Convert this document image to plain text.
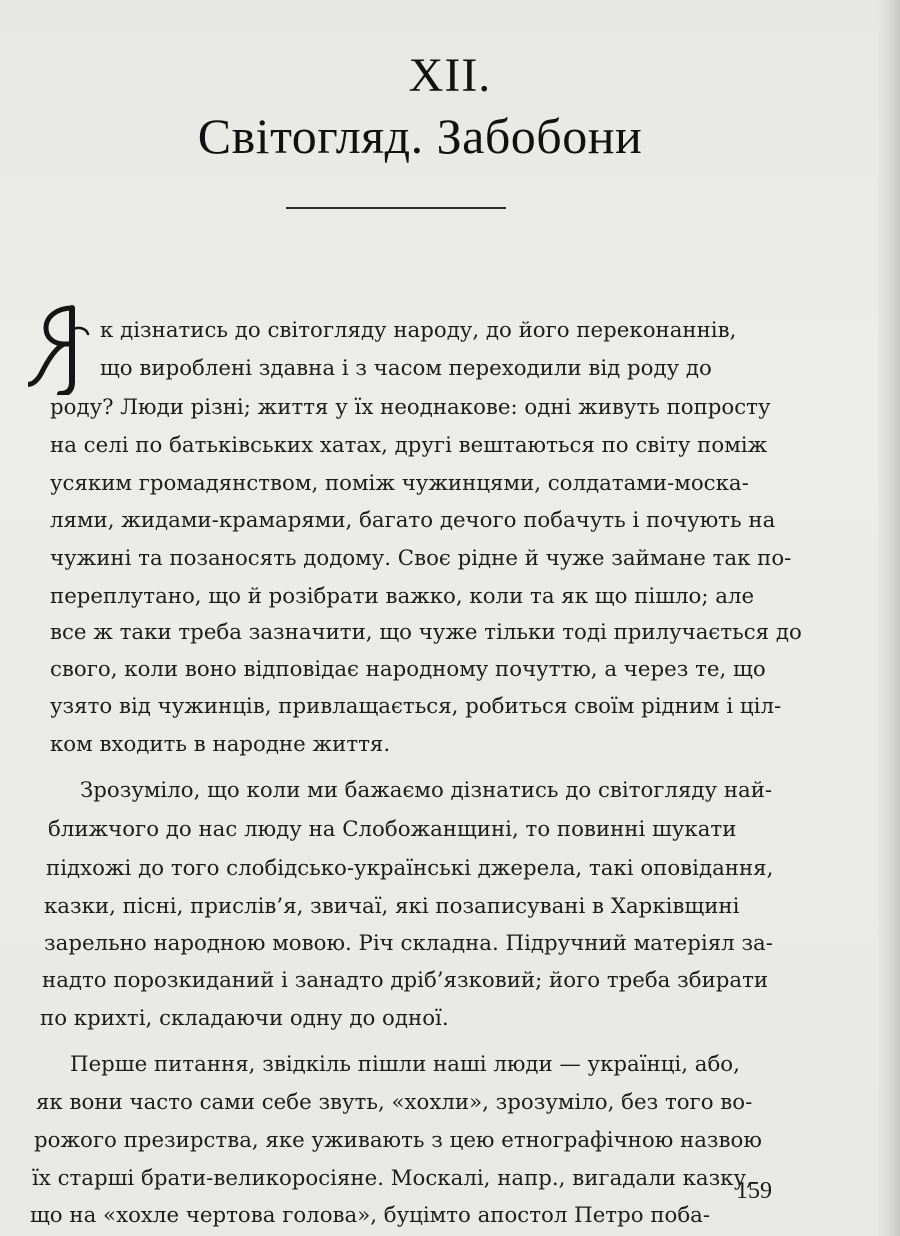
XII.
Світогляд. Забобони
к дізнатись до світогляду народу, до його переконаннів,
що вироблені здавна і з часом переходили від роду до
роду? Люди різні; життя у їх неоднакове: одні живуть попросту
на селі по батьківських хатах, другі вештаються по світу поміж
усяким громадянством, поміж чужинцями, солдатами-моска-
лями, жидами-крамарями, багато дечого побачуть і почують на
чужині та позаносять додому. Своє рідне й чуже займане так по-
переплутано, що й розібрати важко, коли та як що пішло; але
все ж таки треба зазначити, що чуже тільки тоді прилучається до
свого, коли воно відповідає народному почуттю, а через те, що
узято від чужинців, привлащається, робиться своїм рідним і ціл-
ком входить в народне життя.
Зрозуміло, що коли ми бажаємо дізнатись до світогляду най-
ближчого до нас люду на Слобожанщині, то повинні шукати
підхожі до того слобідсько-українські джерела, такі оповідання,
казки, пісні, прислів’я, звичаї, які позаписувані в Харківщині
зарельно народною мовою. Річ складна. Підручний матеріял за-
надто порозкиданий і занадто дріб’язковий; його треба збирати
по крихті, складаючи одну до одної.
Перше питання, звідкіль пішли наші люди — українці, або,
як вони часто сами себе звуть, «хохли», зрозуміло, без того во-
рожого презирства, яке уживають з цею етнографічною назвою
їх старші брати-великоросіяне. Москалі, напр., вигадали казку,
що на «хохле чертова голова», буцімто апостол Петро поба-
159
